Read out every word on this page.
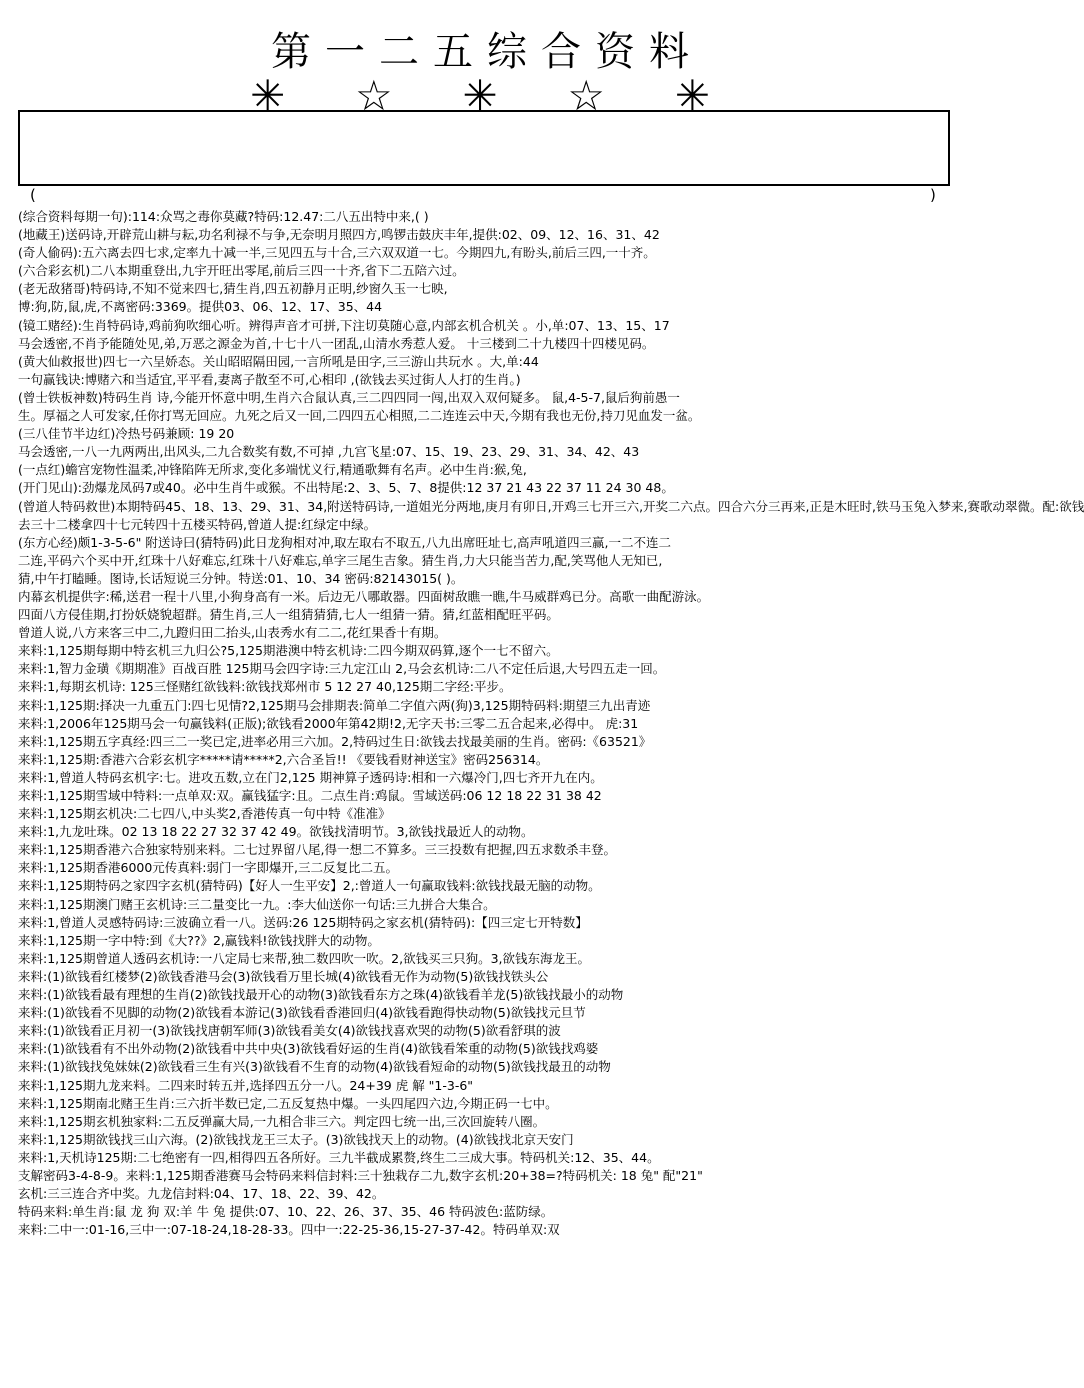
第一二五综合资料
✳ ☆ ✳ ☆ ✳
(	)
(综合资料每期一句):114:众骂之毒你莫藏?特码:12.47:二八五出特中来,( )
(地藏王)送码诗,开辟荒山耕与耘,功名利禄不与争,无奈明月照四方,鸣锣击鼓庆丰年,提供:02、09、12、16、31、42
(奇人偷码):五六离去四七求,定率九十减一半,三见四五与十合,三六双双道一七。今期四九,有盼头,前后三四,一十齐。
(六合彩玄机)二八本期重登出,九宇开旺出零尾,前后三四一十齐,省下二五陪六过。
(老无敌猪哥)特码诗,不知不觉来四七,猜生肖,四五初静月正明,纱窗久玉一七映,
博:狗,防,鼠,虎,不离密码:3369。提供03、06、12、17、35、44
(镜工赌经):生肖特码诗,鸡前狗吹细心听。辨得声音才可拼,下注切莫随心意,内部玄机合机关 。小,单:07、13、15、17
马会透密,不肖予能随处见,弟,万恶之源金为首,十七十八一团乱,山清水秀惹人爱。 十三楼到二十九楼四十四楼见码。
(黄大仙救报世)四七一六呈娇态。关山昭昭隔田园,一言所吼是田字,三三游山共玩水 。大,单:44
一句赢钱诀:博赌六和当适宜,平平看,妻离子散至不可,心相印 ,(欲钱去买过街人人打的生肖。)
(曾士铁板神数)特码生肖 诗,今能开怀意中明,生肖六合鼠认真,三二四四同一闯,出双入双何疑多。 鼠,4-5-7,鼠后狗前愚一
生。厚福之人可发家,任你打骂无回应。九死之后又一回,二四四五心相照,二二连连云中天,今期有我也无份,持刀见血发一盆。
(三八佳节半边红)冷热号码兼顾: 19 20
马会透密,一八一九两两出,出风头,二九合数奖有数,不可掉 ,九宫飞星:07、15、19、23、29、31、34、42、43
(一点红)蟾宫宠物性温柔,冲锋陷阵无所求,变化多端忧义行,精通歌舞有名声。必中生肖:猴,兔,
(开门见山):劲爆龙凤码7或40。必中生肖牛或猴。不出特尾:2、3、5、7、8提供:12 37 21 43 22 37 11 24 30 48。
(曾道人特码救世)本期特码45、18、13、29、31、34,附送特码诗,一道姐光分两地,庚月有卯日,开鸡三七开三六,开奖二六点。四合六分三再来,正是木旺时,铁马玉兔入梦来,赛歌动翠微。配:欲钱
去三十二楼拿四十七元转四十五楼买特码,曾道人提:红绿定中绿。
(东方心经)颇1-3-5-6" 附送诗曰(猜特码)此日龙狗相对冲,取左取右不取五,八九出席旺址七,高声吼道四三赢,一二不连二
二连,平码六个买中开,红珠十八好难忘,红珠十八好难忘,单字三尾生吉象。猜生肖,力大只能当苦力,配,笑骂他人无知已,
猜,中午打瞌睡。图诗,长话短说三分钟。特送:01、10、34 密码:82143015( )。
内幕玄机提供字:稀,送君一程十八里,小狗身高有一米。后边无八哪敢器。四面树敌瞧一瞧,牛马威群鸡已分。高歌一曲配游泳。
四面八方侵佳期,打扮妖娆貌超群。猜生肖,三人一组猜猜猜,七人一组猜一猜。猜,红蓝相配旺平码。
曾道人说,八方来客三中二,九蹬归田二抬头,山表秀水有二二,花红果香十有期。
来料:1,125期每期中特玄机三九归公?5,125期港澳中特玄机诗:二四今期双码算,逐个一七不留六。
来料:1,智力金璜《期期准》百战百胜 125期马会四字诗:三九定江山 2,马会玄机诗:二八不定任后退,大号四五走一回。
来料:1,每期玄机诗: 125三怪赌红欲钱料:欲钱找郑州市 5 12 27 40,125期二字经:平步。
来料:1,125期:择决一九重五门:四七见情?2,125期马会排期表:简单二字值六两(狗)3,125期特码料:期望三九出青迹
来料:1,2006年125期马会一句赢钱料(正版);欲钱看2000年第42期!2,无字天书:三零二五合起来,必得中。 虎:31
来料:1,125期五字真经:四三二一奖已定,进率必用三六加。2,特码过生日:欲钱去找最美丽的生肖。密码:《63521》
来料:1,125期:香港六合彩玄机字*****请*****2,六合圣旨!! 《要钱看财神送宝》密码256314。
来料:1,曾道人特码玄机字:七。进攻五数,立在门2,125 期神算子透码诗:相和一六爆冷门,四七齐开九在内。
来料:1,125期雪域中特料:一点单双:双。赢钱猛字:且。二点生肖:鸡鼠。雪域送码:06 12 18 22 31 38 42
来料:1,125期玄机决:二七四八,中头奖2,香港传真一句中特《准准》
来料:1,九龙吐珠。02 13 18 22 27 32 37 42 49。欲钱找清明节。3,欲钱找最近人的动物。
来料:1,125期香港六合独家特别来料。二七过界留八尾,得一想二不算多。三三投数有把握,四五求数杀丰登。
来料:1,125期香港6000元传真料:弱门一字即爆开,三二反复比二五。
来料:1,125期特码之家四字玄机(猜特码)【好人一生平安】2,:曾道人一句赢取钱料:欲钱找最无脑的动物。
来料:1,125期澳门赌王玄机诗:三二量变比一九。:李大仙送你一句话:三九拼合大集合。
来料:1,曾道人灵感特码诗:三波确立看一八。送码:26 125期特码之家玄机(猜特码):【四三定七开特数】
来料:1,125期一字中特:到《大??》2,赢钱料!欲钱找胖大的动物。
来料:1,125期曾道人透码玄机诗:一八定局七来帮,独二数四吹一吹。2,欲钱买三只狗。3,欲钱东海龙王。
来料:(1)欲钱看红楼梦(2)欲钱香港马会(3)欲钱看万里长城(4)欲钱看无作为动物(5)欲钱找铁头公
来料:(1)欲钱看最有理想的生肖(2)欲钱找最开心的动物(3)欲钱看东方之珠(4)欲钱看羊龙(5)欲钱找最小的动物
来料:(1)欲钱看不见脚的动物(2)欲钱看本游记(3)欲钱看香港回归(4)欲钱看跑得快动物(5)欲钱找元旦节
来料:(1)欲钱看正月初一(3)欲钱找唐朝军师(3)欲钱看美女(4)欲钱找喜欢哭的动物(5)欲看舒琪的波
来料:(1)欲钱看有不出外动物(2)欲钱看中共中央(3)欲钱看好运的生肖(4)欲钱看笨重的动物(5)欲钱找鸡婆
来料:(1)欲钱找兔妹妹(2)欲钱看三生有兴(3)欲钱看不生育的动物(4)欲钱看短命的动物(5)欲钱找最丑的动物
来料:1,125期九龙来料。二四来时转五并,选择四五分一八。24+39 虎 解 "1-3-6"
来料:1,125期南北赌王生肖:三六折半数已定,二五反复热中爆。一头四尾四六边,今期正码一七中。
来料:1,125期玄机独家料:二五反弹赢大局,一九相合非三六。判定四七统一出,三次回旋转八圈。
来料:1,125期欲钱找三山六海。(2)欲钱找龙王三太子。(3)欲钱找天上的动物。(4)欲钱找北京天安门
来料:1,天机诗125期:二七绝密有一四,相得四五各所好。三九半截成累赘,终生二三成大事。特码机关:12、35、44。
支解密码3-4-8-9。来料:1,125期香港赛马会特码来料信封料:三十独栽存二九,数字玄机:20+38=?特码机关: 18 兔" 配"21"
玄机:三三连合齐中奖。九龙信封料:04、17、18、22、39、42。
特码来料:单生肖:鼠 龙 狗 双:羊 牛 兔 提供:07、10、22、26、37、35、46 特码波色:蓝防绿。
来料:二中一:01-16,三中一:07-18-24,18-28-33。四中一:22-25-36,15-27-37-42。特码单双:双
